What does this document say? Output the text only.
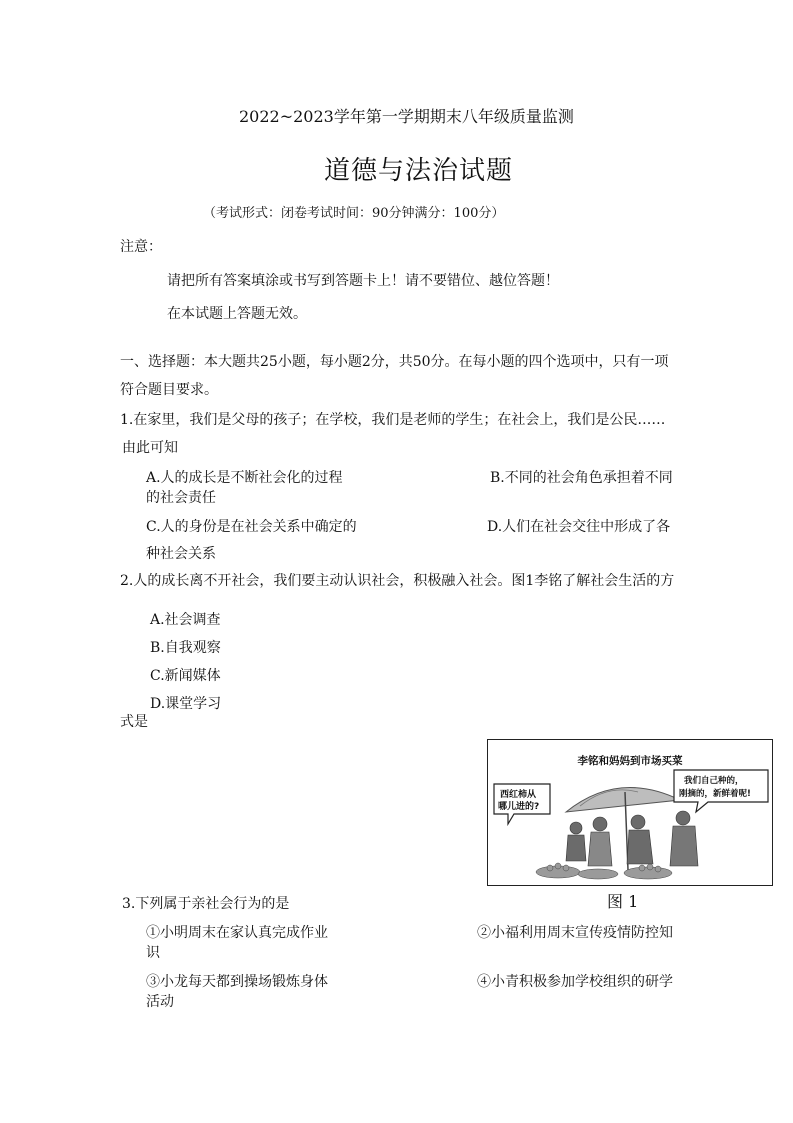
2022~2023学年第一学期期末八年级质量监测
道德与法治试题
（考试形式：闭卷考试时间：90分钟满分：100分）
注意：
请把所有答案填涂或书写到答题卡上！请不要错位、越位答题！
在本试题上答题无效。
一、选择题：本大题共25小题，每小题2分，共50分。在每小题的四个选项中，只有一项
符合题目要求。
1.在家里，我们是父母的孩子；在学校，我们是老师的学生；在社会上，我们是公民……
由此可知
A.人的成长是不断社会化的过程	B.不同的社会角色承担着不同
的社会责任
C.人的身份是在社会关系中确定的	D.人们在社会交往中形成了各
种社会关系
2.人的成长离不开社会，我们要主动认识社会，积极融入社会。图1李铭了解社会生活的方
A.社会调查
B.自我观察
C.新闻媒体
D.课堂学习
式是
李铭和妈妈到市场买菜
西红柿从
哪儿进的?
我们自己种的，
刚摘的，新鲜着呢!
图 1
3.下列属于亲社会行为的是
①小明周末在家认真完成作业	②小福利用周末宣传疫情防控知
识
③小龙每天都到操场锻炼身体	④小青积极参加学校组织的研学
活动
